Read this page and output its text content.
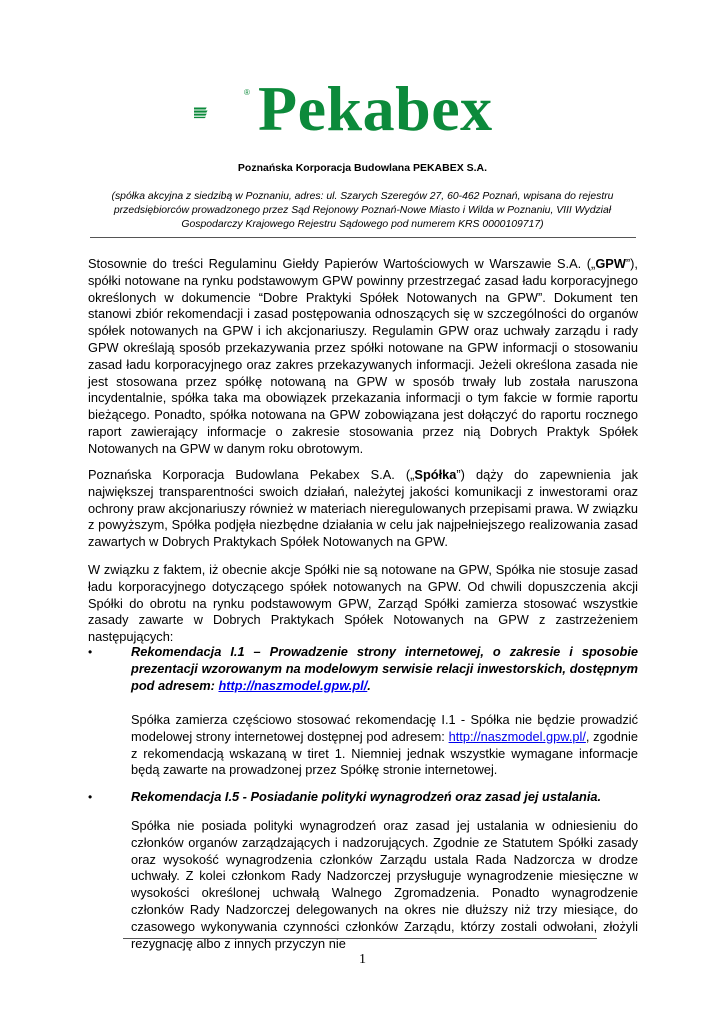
® Pekabex
Poznańska Korporacja Budowlana PEKABEX S.A.
(spółka akcyjna z siedzibą w Poznaniu, adres: ul. Szarych Szeregów 27, 60-462 Poznań, wpisana do rejestru przedsiębiorców prowadzonego przez Sąd Rejonowy Poznań-Nowe Miasto i Wilda w Poznaniu, VIII Wydział Gospodarczy Krajowego Rejestru Sądowego pod numerem KRS 0000109717)
Stosownie do treści Regulaminu Giełdy Papierów Wartościowych w Warszawie S.A. („GPW”), spółki notowane na rynku podstawowym GPW powinny przestrzegać zasad ładu korporacyjnego określonych w dokumencie “Dobre Praktyki Spółek Notowanych na GPW”. Dokument ten stanowi zbiór rekomendacji i zasad postępowania odnoszących się w szczególności do organów spółek notowanych na GPW i ich akcjonariuszy. Regulamin GPW oraz uchwały zarządu i rady GPW określają sposób przekazywania przez spółki notowane na GPW informacji o stosowaniu zasad ładu korporacyjnego oraz zakres przekazywanych informacji. Jeżeli określona zasada nie jest stosowana przez spółkę notowaną na GPW w sposób trwały lub została naruszona incydentalnie, spółka taka ma obowiązek przekazania informacji o tym fakcie w formie raportu bieżącego. Ponadto, spółka notowana na GPW zobowiązana jest dołączyć do raportu rocznego raport zawierający informacje o zakresie stosowania przez nią Dobrych Praktyk Spółek Notowanych na GPW w danym roku obrotowym.
Poznańska Korporacja Budowlana Pekabex S.A. („Spółka”) dąży do zapewnienia jak największej transparentności swoich działań, należytej jakości komunikacji z inwestorami oraz ochrony praw akcjonariuszy również w materiach nieregulowanych przepisami prawa. W związku z powyższym, Spółka podjęła niezbędne działania w celu jak najpełniejszego realizowania zasad zawartych w Dobrych Praktykach Spółek Notowanych na GPW.
W związku z faktem, iż obecnie akcje Spółki nie są notowane na GPW, Spółka nie stosuje zasad ładu korporacyjnego dotyczącego spółek notowanych na GPW. Od chwili dopuszczenia akcji Spółki do obrotu na rynku podstawowym GPW, Zarząd Spółki zamierza stosować wszystkie zasady zawarte w Dobrych Praktykach Spółek Notowanych na GPW z zastrzeżeniem następujących:
•	Rekomendacja I.1 – Prowadzenie strony internetowej, o zakresie i sposobie prezentacji wzorowanym na modelowym serwisie relacji inwestorskich, dostępnym pod adresem: http://naszmodel.gpw.pl/.
Spółka zamierza częściowo stosować rekomendację I.1 - Spółka nie będzie prowadzić modelowej strony internetowej dostępnej pod adresem: http://naszmodel.gpw.pl/, zgodnie z rekomendacją wskazaną w tiret 1. Niemniej jednak wszystkie wymagane informacje będą zawarte na prowadzonej przez Spółkę stronie internetowej.
•	Rekomendacja I.5 - Posiadanie polityki wynagrodzeń oraz zasad jej ustalania.
Spółka nie posiada polityki wynagrodzeń oraz zasad jej ustalania w odniesieniu do członków organów zarządzających i nadzorujących. Zgodnie ze Statutem Spółki zasady oraz wysokość wynagrodzenia członków Zarządu ustala Rada Nadzorcza w drodze uchwały. Z kolei członkom Rady Nadzorczej przysługuje wynagrodzenie miesięczne w wysokości określonej uchwałą Walnego Zgromadzenia. Ponadto wynagrodzenie członków Rady Nadzorczej delegowanych na okres nie dłuższy niż trzy miesiące, do czasowego wykonywania czynności członków Zarządu, którzy zostali odwołani, złożyli rezygnację albo z innych przyczyn nie
1
